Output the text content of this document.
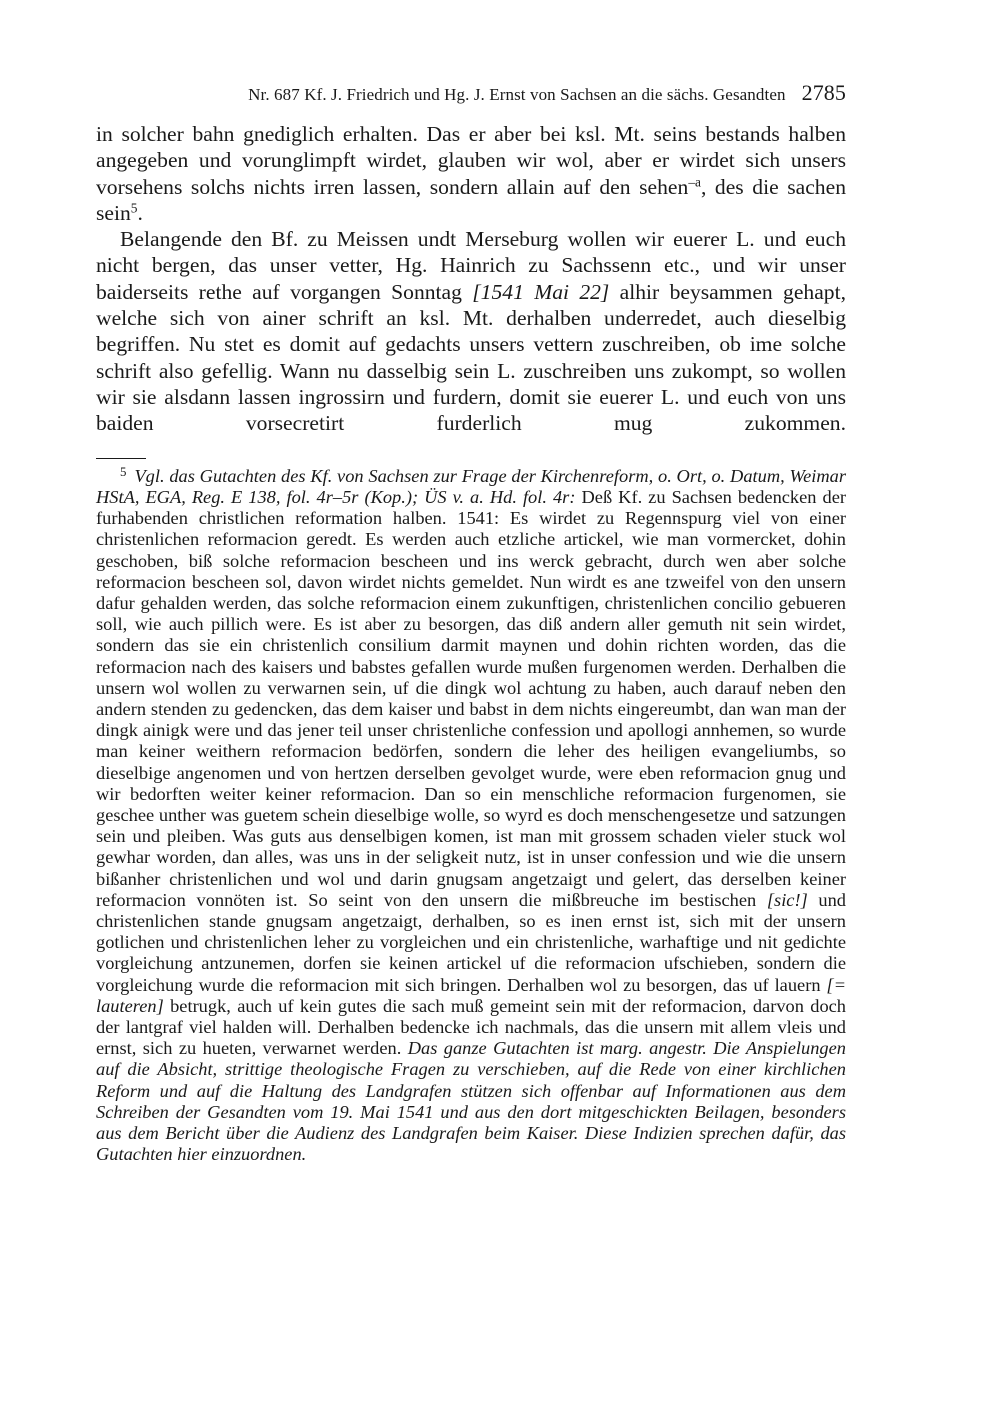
Nr. 687 Kf. J. Friedrich und Hg. J. Ernst von Sachsen an die sächs. Gesandten 2785

in solcher bahn gnediglich erhalten. Das er aber bei ksl. Mt. seins bestands halben angegeben und vorunglimpft wirdet, glauben wir wol, aber er wirdet sich unsers vorsehens solchs nichts irren lassen, sondern allain auf den sehen$^{-a}$, des die sachen sein$^5$.

Belangende den Bf. zu Meissen undt Merseburg wollen wir euerer L. und euch nicht bergen, das unser vetter, Hg. Hainrich zu Sachssenn etc., und wir unser baiderseits rethe auf vorgangen Sonntag [1541 Mai 22] alhir beysammen gehapt, welche sich von ainer schrift an ksl. Mt. derhalben underredet, auch dieselbig begriffen. Nu stet es domit auf gedachts unsers vettern zuschreiben, ob ime solche schrift also gefellig. Wann nu dasselbig sein L. zuschreiben uns zukompt, so wollen wir sie alsdann lassen ingrossirn und furdern, domit sie euerer L. und euch von uns baiden vorsecretirt furderlich mug zukommen.

$^5$ Vgl. das Gutachten des Kf. von Sachsen zur Frage der Kirchenreform, o. Ort, o. Datum, Weimar HStA, EGA, Reg. E 138, fol. 4r–5r (Kop.); ÜS v. a. Hd. fol. 4r: Deß Kf. zu Sachsen bedencken der furhabenden christlichen reformation halben. 1541: Es wirdet zu Regennspurg viel von einer christenlichen reformacion geredt. Es werden auch etzliche artickel, wie man vormercket, dohin geschoben, biß solche reformacion bescheen und ins werck gebracht, durch wen aber solche reformacion bescheen sol, davon wirdet nichts gemeldet. Nun wirdt es ane tzweifel von den unsern dafur gehalden werden, das solche reformacion einem zukunftigen, christenlichen concilio gebueren soll, wie auch pillich were. Es ist aber zu besorgen, das diß andern aller gemuth nit sein wirdet, sondern das sie ein christenlich consilium darmit maynen und dohin richten worden, das die reformacion nach des kaisers und babstes gefallen wurde mußen furgenomen werden. Derhalben die unsern wol wollen zu verwarnen sein, uf die dingk wol achtung zu haben, auch darauf neben den andern stenden zu gedencken, das dem kaiser und babst in dem nichts eingereumbt, dan wan man der dingk ainigk were und das jener teil unser christenliche confession und apollogi annhemen, so wurde man keiner weithern reformacion bedörfen, sondern die leher des heiligen evangeliumbs, so dieselbige angenomen und von hertzen derselben gevolget wurde, were eben reformacion gnug und wir bedorften weiter keiner reformacion. Dan so ein menschliche reformacion furgenomen, sie geschee unther was guetem schein dieselbige wolle, so wyrd es doch menschengesetze und satzungen sein und pleiben. Was guts aus denselbigen komen, ist man mit grossem schaden vieler stuck wol gewhar worden, dan alles, was uns in der seligkeit nutz, ist in unser confession und wie die unsern bißanher christenlichen und wol und darin gnugsam angetzaigt und gelert, das derselben keiner reformacion vonnöten ist. So seint von den unsern die mißbreuche im bestischen [sic!] und christenlichen stande gnugsam angetzaigt, derhalben, so es inen ernst ist, sich mit der unsern gotlichen und christenlichen leher zu vorgleichen und ein christenliche, warhaftige und nit gedichte vorgleichung antzunemen, dorfen sie keinen artickel uf die reformacion ufschieben, sondern die vorgleichung wurde die reformacion mit sich bringen. Derhalben wol zu besorgen, das uf lauern [= lauteren] betrugk, auch uf kein gutes die sach muß gemeint sein mit der reformacion, darvon doch der lantgraf viel halden will. Derhalben bedencke ich nachmals, das die unsern mit allem vleis und ernst, sich zu hueten, verwarnet werden. Das ganze Gutachten ist marg. angestr. Die Anspielungen auf die Absicht, strittige theologische Fragen zu verschieben, auf die Rede von einer kirchlichen Reform und auf die Haltung des Landgrafen stützen sich offenbar auf Informationen aus dem Schreiben der Gesandten vom 19. Mai 1541 und aus den dort mitgeschickten Beilagen, besonders aus dem Bericht über die Audienz des Landgrafen beim Kaiser. Diese Indizien sprechen dafür, das Gutachten hier einzuordnen.
